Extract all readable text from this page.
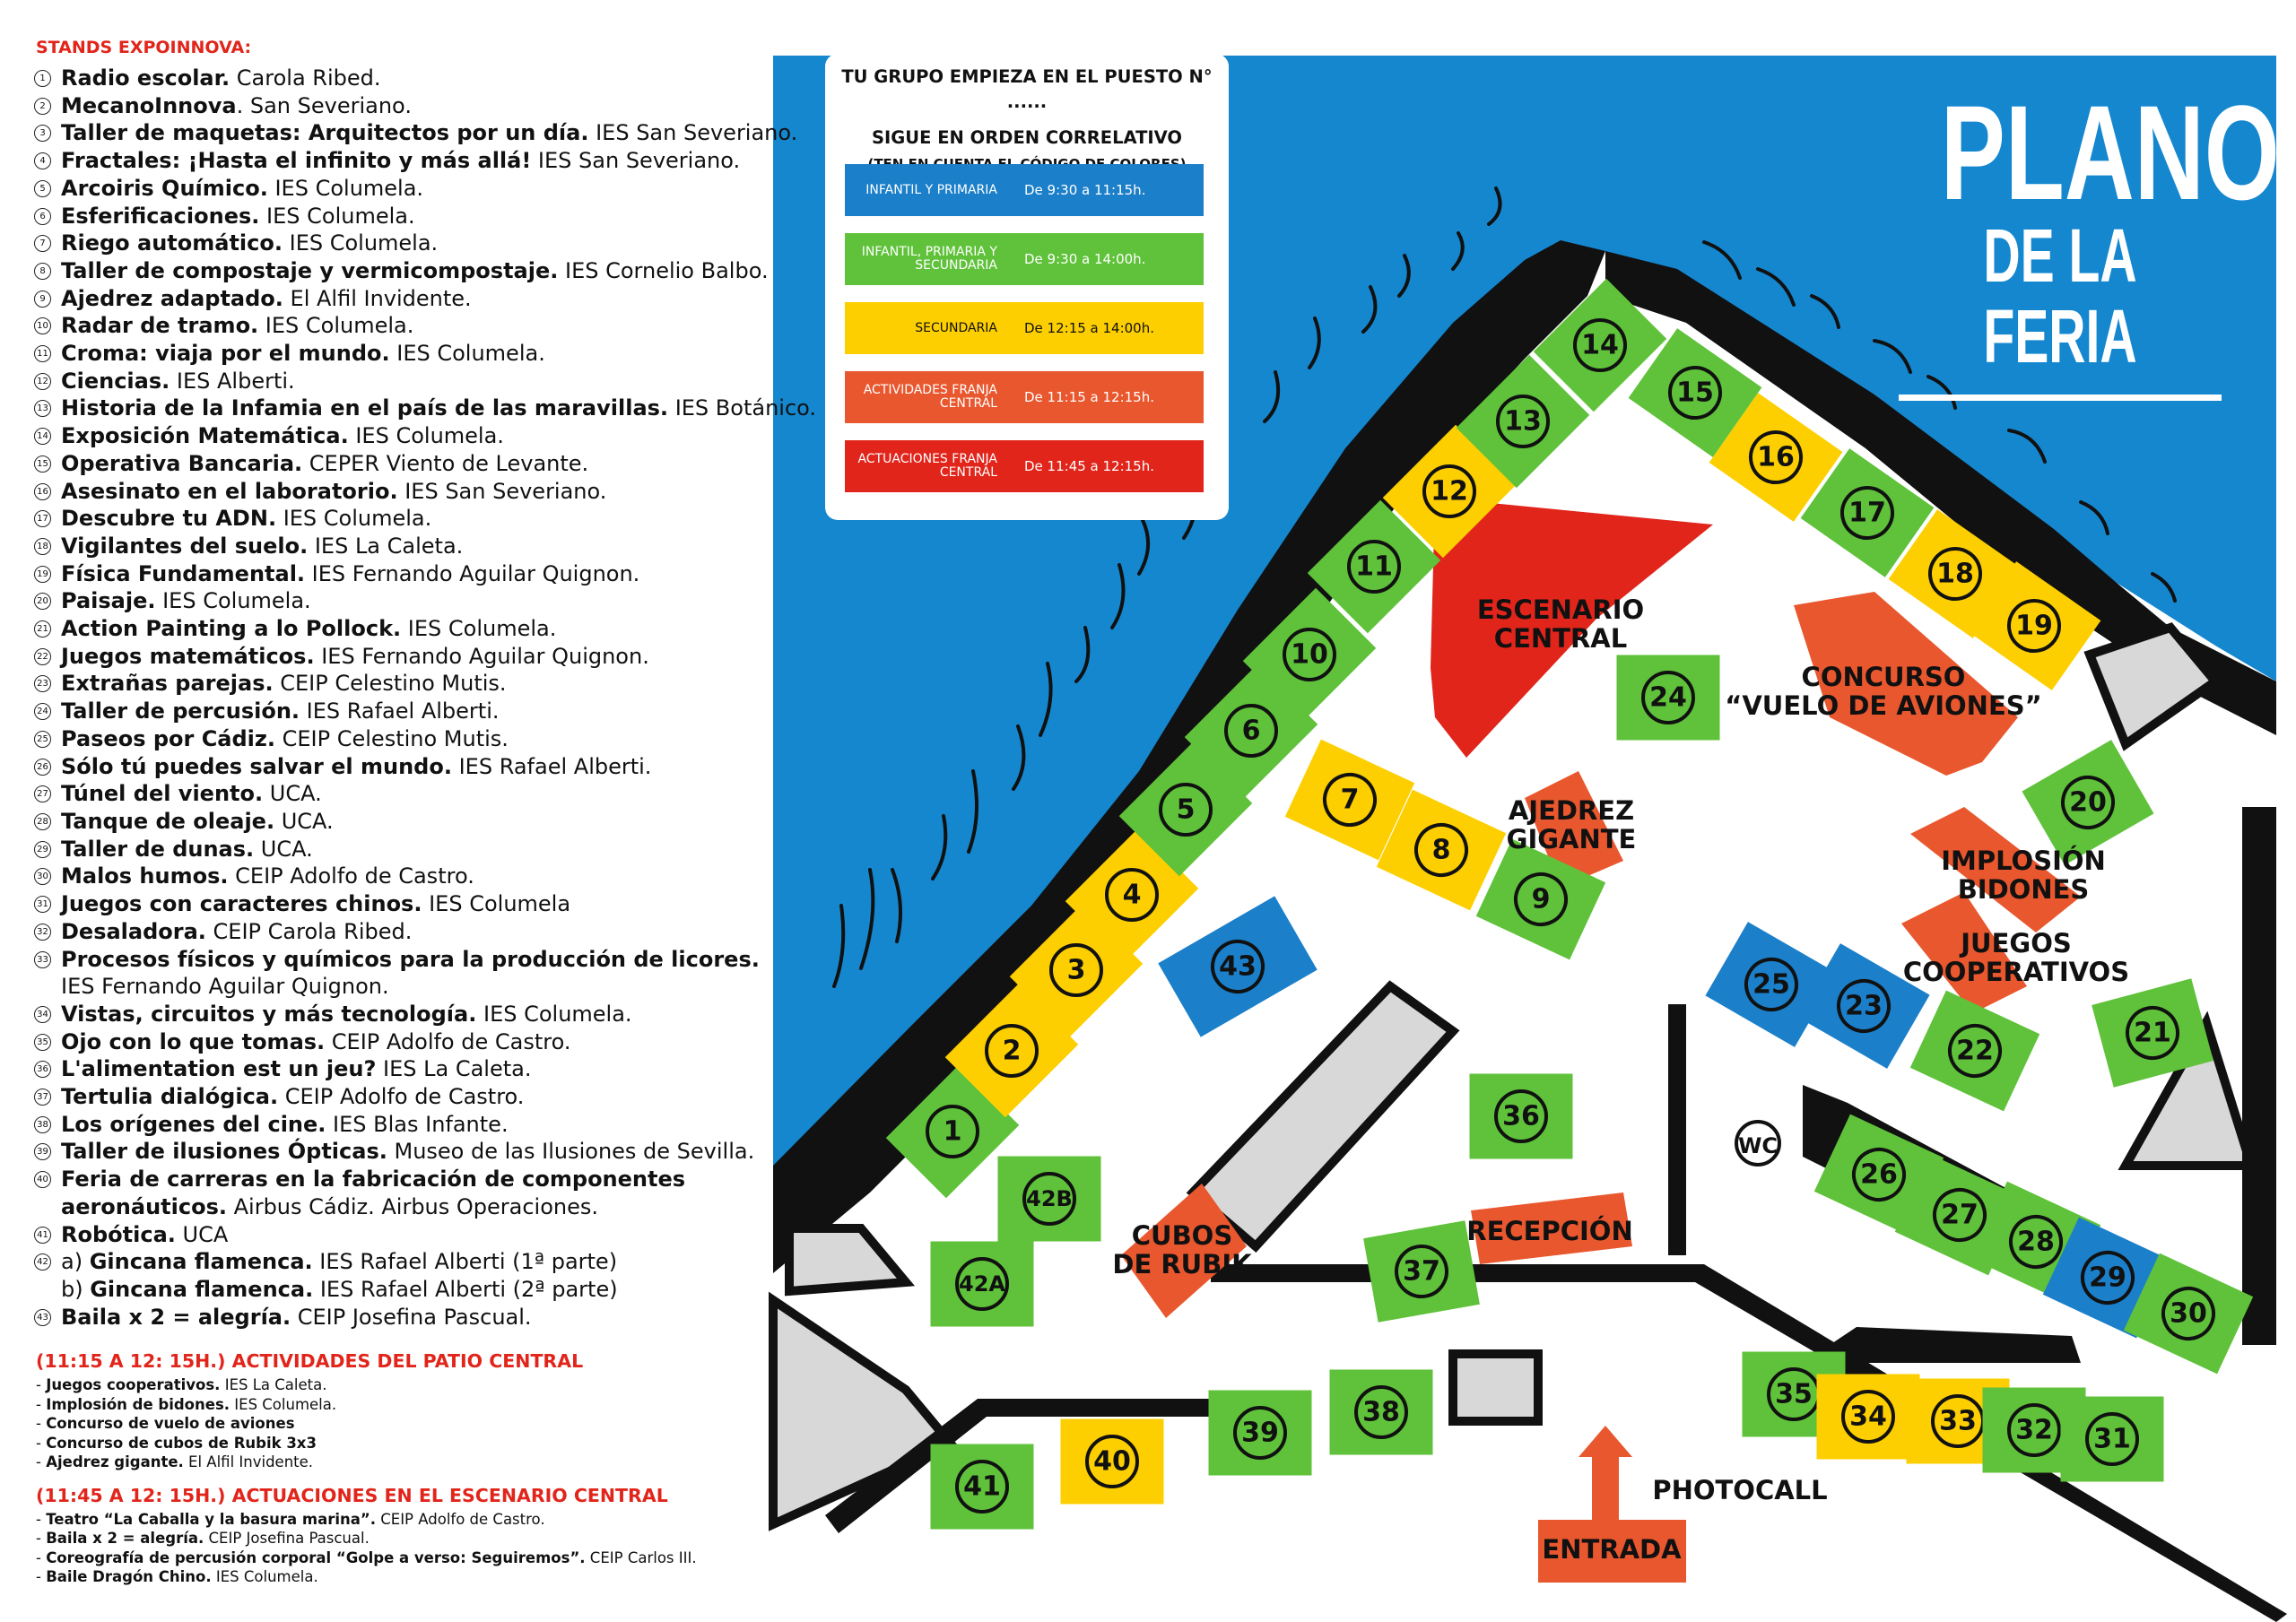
1
2
3
4
5
6
10
11
12
13
14
15
16
17
18
19
7
8
9
24
43
20
21
25
23
22
36
42B
42A	37
26
27
28
29
30
35
34 33 32 31
41
40
39
38
ESCENARIO
CENTRAL
CONCURSO
“VUELO DE AVIONES”
AJEDREZ
GIGANTE
IMPLOSIÓN
BIDONES
JUEGOS
COOPERATIVOS
CUBOS
DE RUBIK
RECEPCIÓN
ENTRADA
PHOTOCALL
WC
TU GRUPO EMPIEZA EN EL PUESTO N° ......
SIGUE EN ORDEN CORRELATIVO
INFANTIL Y PRIMARIA	De 9:30 a 11:15h.
INFANTIL, PRIMARIA Y SECUNDARIA	De 9:30 a 14:00h.
SECUNDARIA	De 12:15 a 14:00h.
ACTIVIDADES FRANJA CENTRAL	De 11:15 a 12:15h.
ACTUACIONES FRANJA CENTRAL	De 11:45 a 12:15h.
PLANO
DE LA FERIA
STANDS EXPOINNOVA:
1 Radio escolar. Carola Ribed.
2 MecanoInnova. San Severiano.
3 Taller de maquetas: Arquitectos por un día. IES San Severiano.
4 Fractales: ¡Hasta el infinito y más allá! IES San Severiano.
5 Arcoiris Químico. IES Columela.
6 Esferificaciones. IES Columela.
7 Riego automático. IES Columela.
8 Taller de compostaje y vermicompostaje. IES Cornelio Balbo.
9 Ajedrez adaptado. El Alfil Invidente.
10 Radar de tramo. IES Columela.
11 Croma: viaja por el mundo. IES Columela.
12 Ciencias. IES Alberti.
13 Historia de la Infamia en el país de las maravillas. IES Botánico.
14 Exposición Matemática. IES Columela.
15 Operativa Bancaria. CEPER Viento de Levante.
16 Asesinato en el laboratorio. IES San Severiano.
17 Descubre tu ADN. IES Columela.
18 Vigilantes del suelo. IES La Caleta.
19 Física Fundamental. IES Fernando Aguilar Quignon.
20 Paisaje. IES Columela.
21 Action Painting a lo Pollock. IES Columela.
22 Juegos matemáticos. IES Fernando Aguilar Quignon.
23 Extrañas parejas. CEIP Celestino Mutis.
24 Taller de percusión. IES Rafael Alberti.
25 Paseos por Cádiz. CEIP Celestino Mutis.
26 Sólo tú puedes salvar el mundo. IES Rafael Alberti.
27 Túnel del viento. UCA.
28 Tanque de oleaje. UCA.
29 Taller de dunas. UCA.
30 Malos humos. CEIP Adolfo de Castro.
31 Juegos con caracteres chinos. IES Columela
32 Desaladora. CEIP Carola Ribed.
33 Procesos físicos y químicos para la producción de licores.
IES Fernando Aguilar Quignon.
34 Vistas, circuitos y más tecnología. IES Columela.
35 Ojo con lo que tomas. CEIP Adolfo de Castro.
36 L'alimentation est un jeu? IES La Caleta.
37 Tertulia dialógica. CEIP Adolfo de Castro.
38 Los orígenes del cine. IES Blas Infante.
39 Taller de ilusiones Ópticas. Museo de las Ilusiones de Sevilla.
40 Feria de carreras en la fabricación de componentes
aeronáuticos. Airbus Cádiz. Airbus Operaciones.
41 Robótica. UCA
42 a) Gincana flamenca. IES Rafael Alberti (1ª parte)
b) Gincana flamenca. IES Rafael Alberti (2ª parte)
43 Baila x 2 = alegría. CEIP Josefina Pascual.
(11:15 A 12: 15H.) ACTIVIDADES DEL PATIO CENTRAL
- Juegos cooperativos. IES La Caleta.
- Implosión de bidones. IES Columela.
- Concurso de vuelo de aviones
- Concurso de cubos de Rubik 3x3
- Ajedrez gigante. El Alfil Invidente.
(11:45 A 12: 15H.) ACTUACIONES EN EL ESCENARIO CENTRAL
- Teatro “La Caballa y la basura marina”. CEIP Adolfo de Castro.
- Baila x 2 = alegría. CEIP Josefina Pascual.
- Coreografía de percusión corporal “Golpe a verso: Seguiremos”. CEIP Carlos III.
- Baile Dragón Chino. IES Columela.
